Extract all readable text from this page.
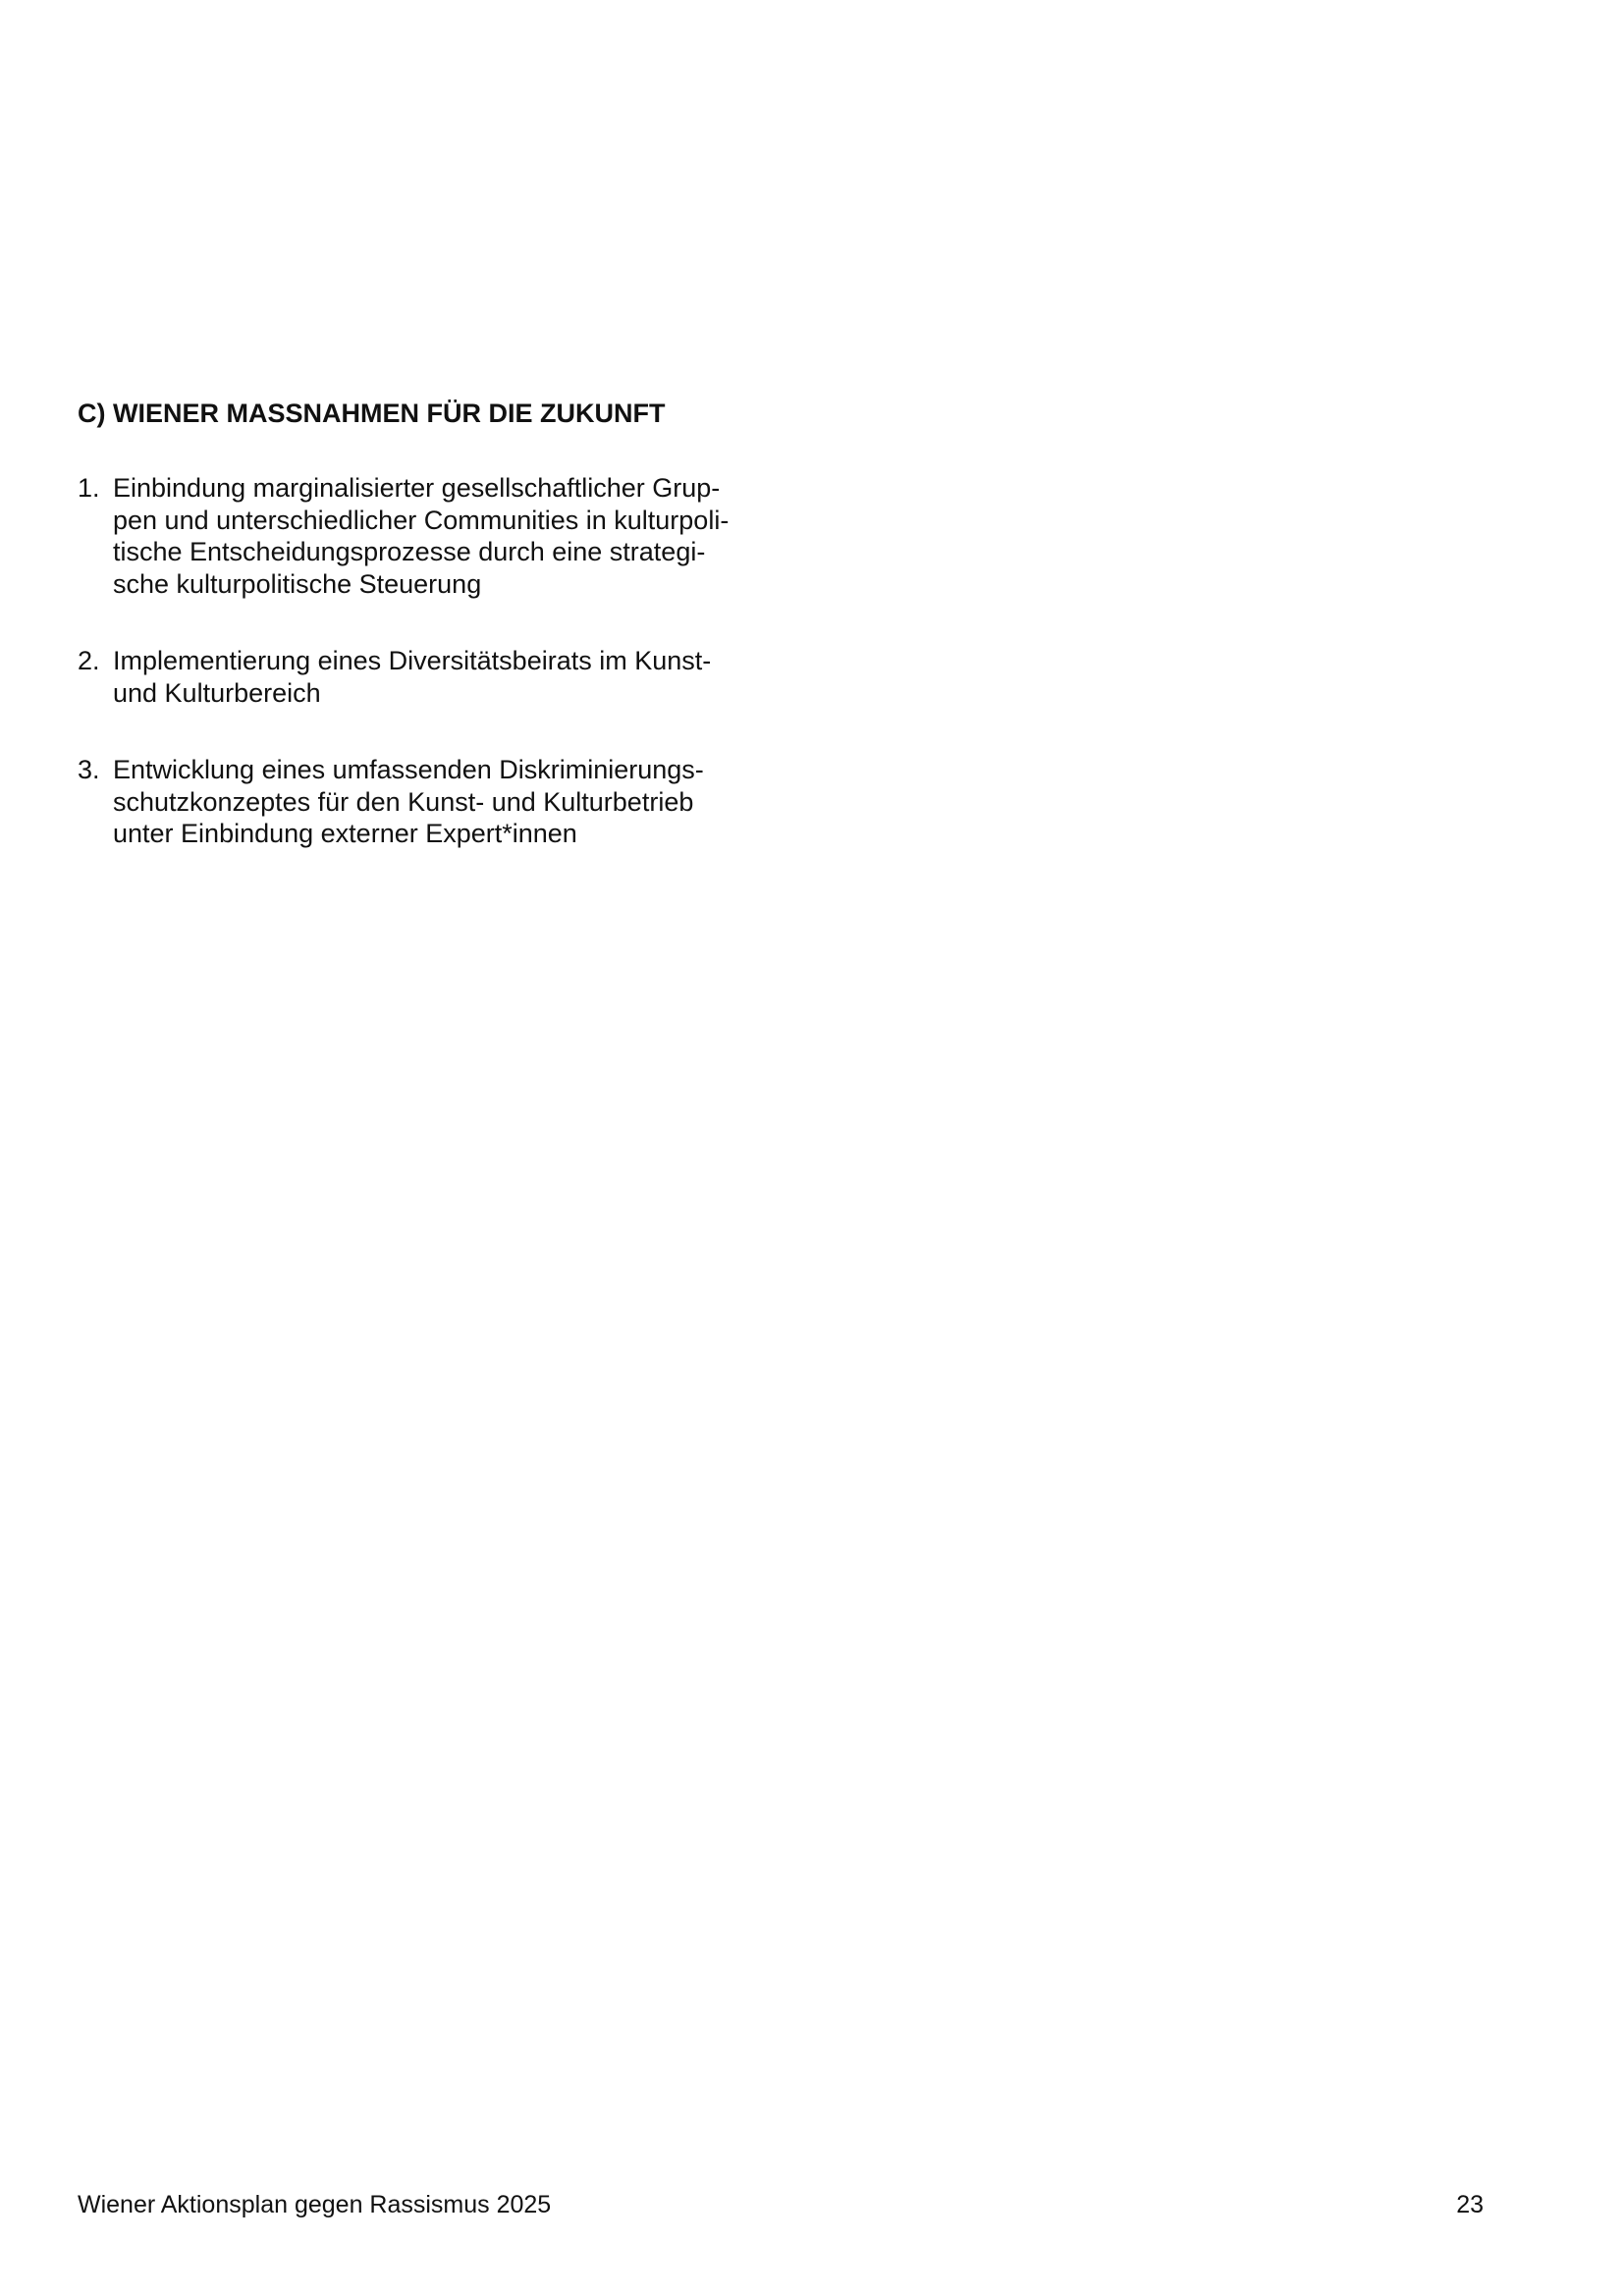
C) WIENER MASSNAHMEN FÜR DIE ZUKUNFT
1. Einbindung marginalisierter gesellschaftlicher Grup-
pen und unterschiedlicher Communities in kulturpoli-
tische Entscheidungsprozesse durch eine strategi-
sche kulturpolitische Steuerung
2. Implementierung eines Diversitätsbeirats im Kunst-
und Kulturbereich
3. Entwicklung eines umfassenden Diskriminierungs-
schutzkonzeptes für den Kunst- und Kulturbetrieb
unter Einbindung externer Expert*innen
Wiener Aktionsplan gegen Rassismus 2025	23
